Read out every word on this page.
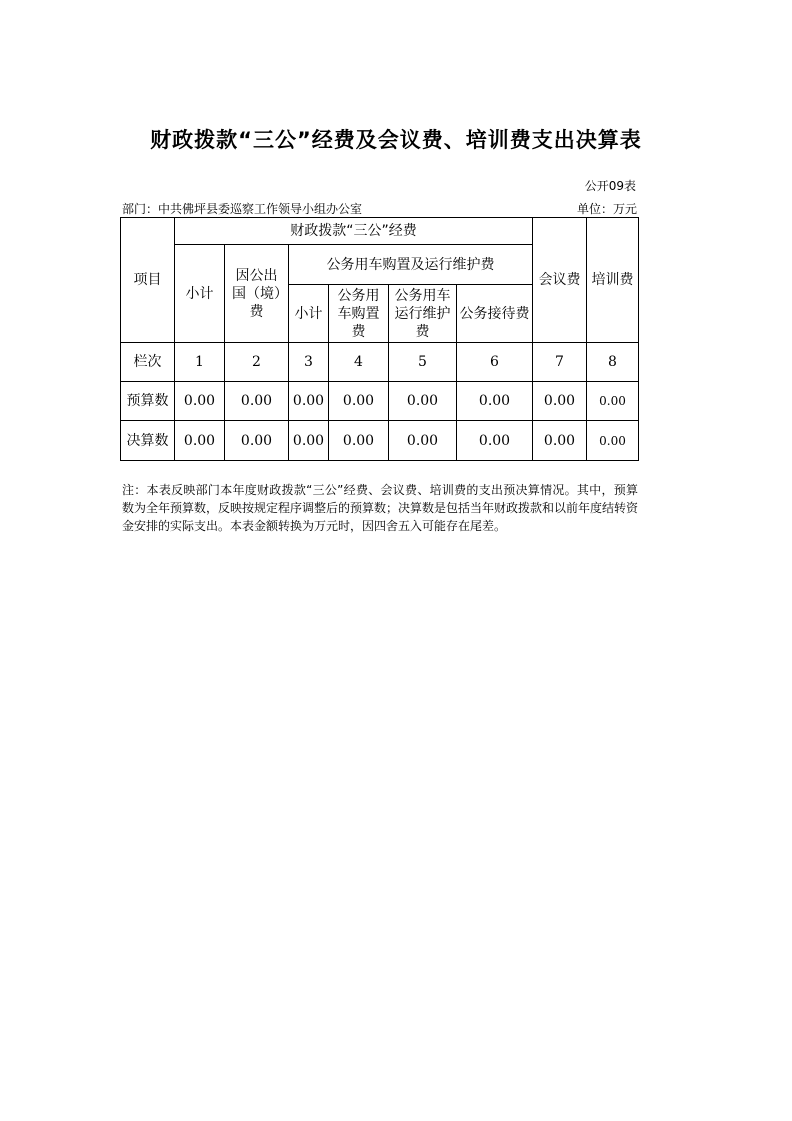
财政拨款“三公”经费及会议费、培训费支出决算表
公开09表
部门：中共佛坪县委巡察工作领导小组办公室	单位：万元
项目	财政拨款“三公”经费						会议费	培训费
	小计	因公出国（境）费	公务用车购置及运行维护费					
			小计	公务用车购置费	公务用车运行维护费	公务接待费		
栏次	1	2	3	4	5	6	7	8
预算数	0.00	0.00	0.00	0.00	0.00	0.00	0.00	0.00
决算数	0.00	0.00	0.00	0.00	0.00	0.00	0.00	0.00
注：本表反映部门本年度财政拨款“三公”经费、会议费、培训费的支出预决算情况。其中，预算数为全年预算数，反映按规定程序调整后的预算数；决算数是包括当年财政拨款和以前年度结转资金安排的实际支出。本表金额转换为万元时，因四舍五入可能存在尾差。
